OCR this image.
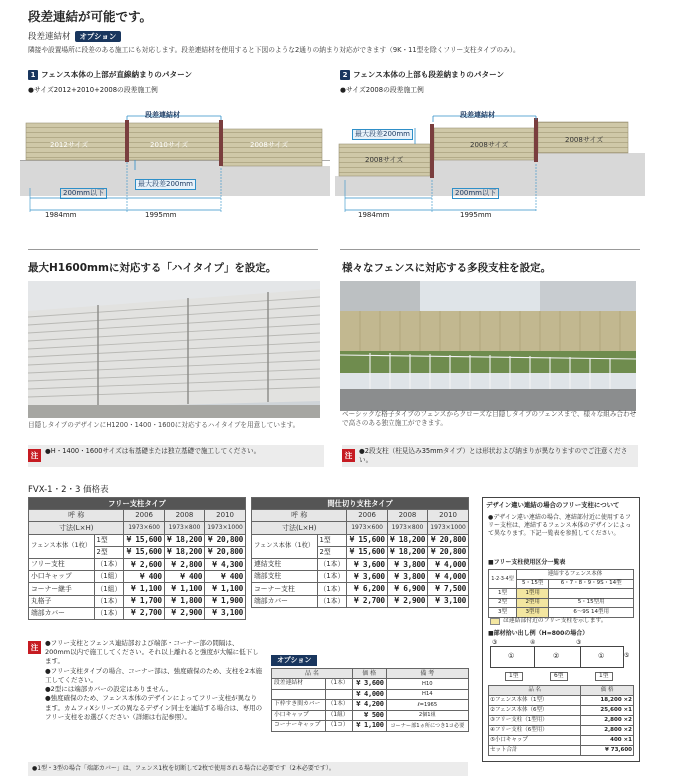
段差連結が可能です。
段差連結材 オプション
隣接や設置場所に段差のある施工にも対応します。段差連結材を使用すると下図のような2通りの納まり対応ができます（9K・11型を除くフリー支柱タイプのみ）。
1 フェンス本体の上部が直線納まりのパターン
●サイズ2012+2010+2008の段差施工例
段差連結材
2012サイズ	2010サイズ	2008サイズ
最大段差200mm
200mm以下
1984mm	1995mm
2 フェンス本体の上部も段差納まりのパターン
●サイズ2008の段差施工例
段差連結材
最大段差200mm
2008サイズ
2008サイズ
2008サイズ
200mm以下
1984mm	1995mm
最大H1600mmに対応する「ハイタイプ」を設定。
目隠しタイプのデザインにH1200・1400・1600に対応するハイタイプを用意しています。
注	●H・1400・1600サイズは布基礎または独立基礎で施工してください。
様々なフェンスに対応する多段支柱を設定。
ベーシックな格子タイプのフェンスからクローズな目隠しタイプのフェンスまで、様々な組み合わせで高さのある独立施工ができます。
注	●2段支柱（柱見込み35mmタイプ）とは形状および納まりが異なりますのでご注意ください。
FVX-1・2・3 価格表
フリー支柱タイプ				
呼 称		2006	2008	2010
寸法(L×H)		1973×600	1973×800	1973×1000
フェンス本体（1枚）	1型	¥ 15,600	¥ 18,200	¥ 20,800
	2型	¥ 15,600	¥ 18,200	¥ 20,800
フリー支柱	（1本）	¥ 2,600	¥ 2,800	¥ 4,300
小口キャップ	（1組）	¥ 400	¥ 400	¥ 400
コーナー継手	（1組）	¥ 1,100	¥ 1,100	¥ 1,100
丸格子	（1本）	¥ 1,700	¥ 1,800	¥ 1,900
端部カバー	（1本）	¥ 2,700	¥ 2,900	¥ 3,100
間仕切り支柱タイプ				
呼 称		2006	2008	2010
寸法(L×H)		1973×600	1973×800	1973×1000
フェンス本体（1枚）	1型	¥ 15,600	¥ 18,200	¥ 20,800
	2型	¥ 15,600	¥ 18,200	¥ 20,800
連結支柱	（1本）	¥ 3,600	¥ 3,800	¥ 4,000
端部支柱	（1本）	¥ 3,600	¥ 3,800	¥ 4,000
コーナー支柱	（1本）	¥ 6,200	¥ 6,900	¥ 7,500
端部カバー	（1本）	¥ 2,700	¥ 2,900	¥ 3,100
注	●フリー支柱とフェンス連結部および端部・コーナー部の間隔は、200mm以内で施工してください。それ以上離れると強度が大幅に低下します。
●フリー支柱タイプの場合、コーナー部は、強度確保のため、支柱を2本施工してください。
●2型には端部カバーの設定はありません。
●強度確保のため、フェンス本体のデザインによってフリー支柱が異なります。カムフィXシリーズの異なるデザイン同士を連結する場合は、専用のフリー支柱をお選びください（詳細は右記参照）。
オプション
品 名		価 格	備 考
段差連結材	（1本）	¥ 3,600	H10
		¥ 4,000	H14
下枠すき間カバー	（1本）	¥ 4,200	ℓ=1965
小口キャップ	（1組）	¥ 500	2個1組
コーナーキャップ	（1コ）	¥ 1,100	コーナー部1ヵ所につき1コ必要
デザイン違い連結の場合のフリー支柱について
●デザイン違い連結の場合、連結部付近に使用するフリー支柱は、連結するフェンス本体のデザインによって異なります。下記一覧表を参照してください。
■フリー支柱使用区分一覧表
1·2·3·4型	連結するフェンス本体	
	5・15型	6・7・8・9・9S・14型
1型	1型用	
2型	2型用	5・15型用
3型	3型用	6〜9S 14型用
は連結部付近のフリー支柱を示します。
■部材拾い出し例（H=800の場合）
③	④	③
⑤
①	②	①
1型	6型	1型
品 名	価 格
①フェンス本体（1型）	18,200 ×2
②フェンス本体（6型）	25,600 ×1
③フリー支柱（1型用）	2,800 ×2
④フリー支柱（6型用）	2,800 ×2
⑤小口キャップ	400 ×1
セット合計	¥ 73,600
●1型・3型の場合「端部カバー」は、フェンス1枚を切断して2枚で使用される場合に必要です（2本必要です）。
